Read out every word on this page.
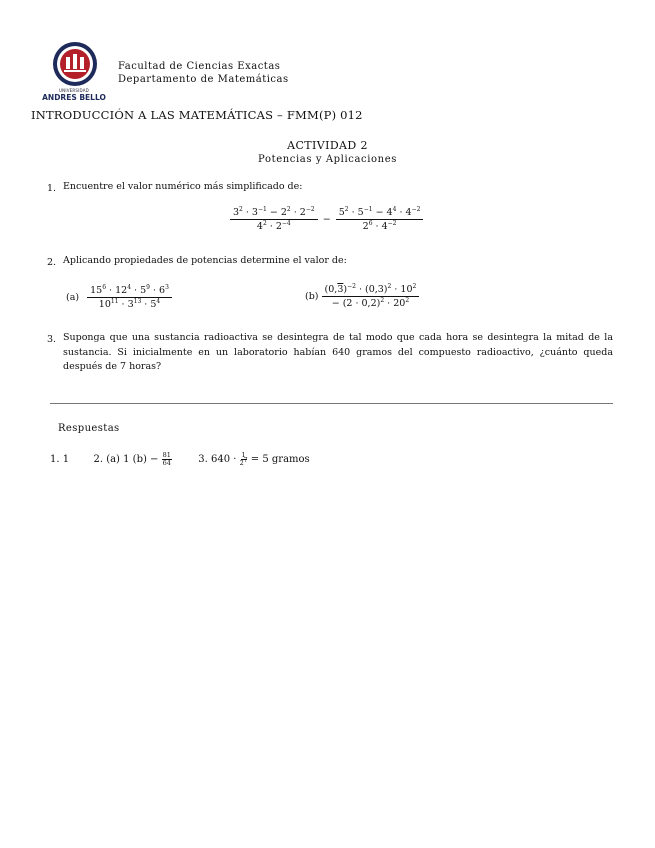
UNIVERSIDAD
ANDRES BELLO
Facultad de Ciencias Exactas
Departamento de Matemáticas
INTRODUCCIÓN A LAS MATEMÁTICAS – FMM(P) 012
ACTIVIDAD 2
Potencias y Aplicaciones
1. Encuentre el valor numérico más simplificado de:
$\frac{3^2 \cdot 3^{-1} - 2^2 \cdot 2^{-2}}{4^2 \cdot 2^{-4}} - \frac{5^2 \cdot 5^{-1} - 4^4 \cdot 4^{-2}}{2^6 \cdot 4^{-2}}$
2. Aplicando propiedades de potencias determine el valor de:
$(a) \frac{15^6 \cdot 12^4 \cdot 5^9 \cdot 6^3}{10^{11} \cdot 3^{13} \cdot 5^4}$	$(b) \frac{(0,3)^{-2} \cdot (0,3)^2 \cdot 10^2}{- (2 \cdot 0,2)^2 \cdot 20^2}$
3. Suponga que una sustancia radioactiva se desintegra de tal modo que cada hora se desintegra la mitad de la sustancia. Si inicialmente en un laboratorio habían 640 gramos del compuesto radioactivo, ¿cuánto queda después de 7 horas?
Respuestas
1. 1 2. (a) 1 $(b) - \frac{81}{64}$	3. $640 \cdot \frac{1}{2^7} = 5$ gramos
